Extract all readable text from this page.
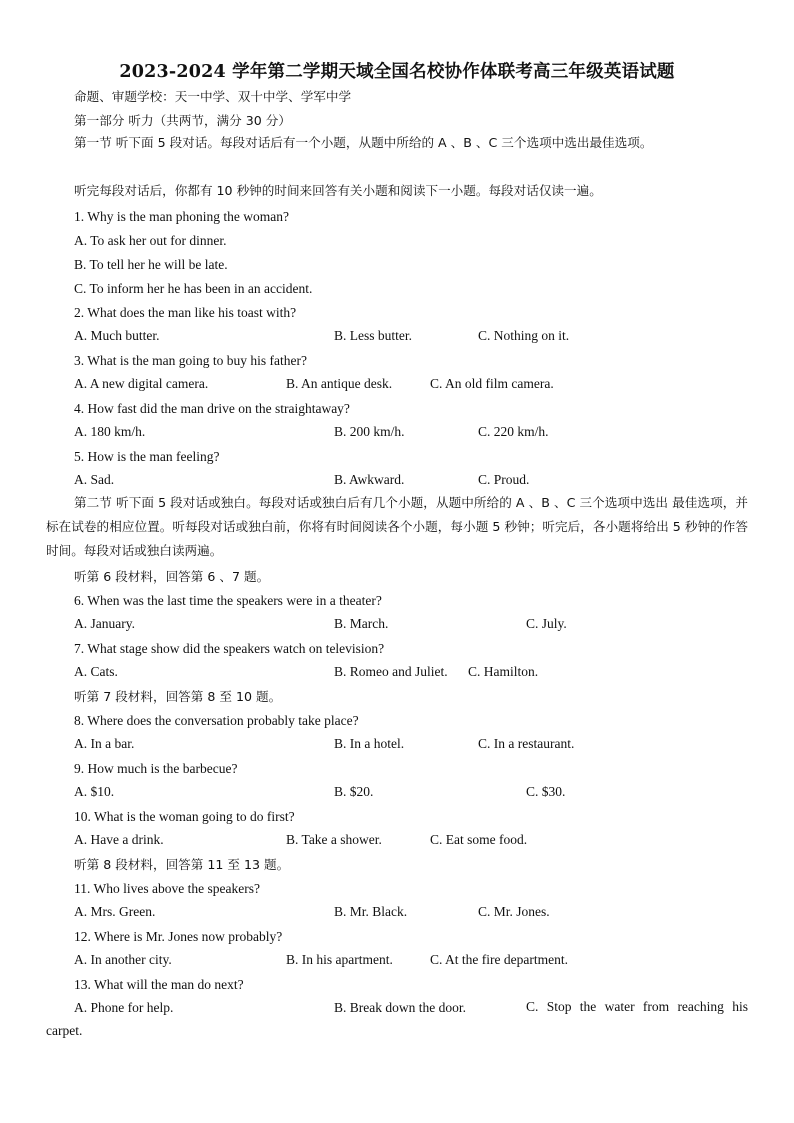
2023-2024 学年第二学期天域全国名校协作体联考高三年级英语试题
命题、审题学校：天一中学、双十中学、学军中学
第一部分 听力（共两节，满分 30 分）
第一节 听下面 5 段对话。每段对话后有一个小题，从题中所给的 A 、B 、C 三个选项中选出最佳选项。
听完每段对话后，你都有 10 秒钟的时间来回答有关小题和阅读下一小题。每段对话仅读一遍。
1. Why is the man phoning the woman?
A. To ask her out for dinner.
B. To tell her he will be late.
C. To inform her he has been in an accident.
2. What does the man like his toast with?
A. Much butter.	B. Less butter.	C. Nothing on it.
3. What is the man going to buy his father?
A. A new digital camera.	B. An antique desk.	C. An old film camera.
4. How fast did the man drive on the straightaway?
A. 180 km/h.	B. 200 km/h.	C. 220 km/h.
5. How is the man feeling?
A. Sad.	B. Awkward.	C. Proud.
第二节 听下面 5 段对话或独白。每段对话或独白后有几个小题，从题中所给的 A 、B 、C 三个选项中选出 最佳选项，并标在试卷的相应位置。听每段对话或独白前，你将有时间阅读各个小题，每小题 5 秒钟；听完后，各小题将给出 5 秒钟的作答时间。每段对话或独白读两遍。
听第 6 段材料，回答第 6 、7 题。
6. When was the last time the speakers were in a theater?
A. January.	B. March.	C. July.
7. What stage show did the speakers watch on television?
A. Cats.	B. Romeo and Juliet. C. Hamilton.
听第 7 段材料，回答第 8 至 10 题。
8. Where does the conversation probably take place?
A. In a bar.	B. In a hotel.	C. In a restaurant.
9. How much is the barbecue?
A. $10.	B. $20.	C. $30.
10. What is the woman going to do first?
A. Have a drink.	B. Take a shower.	C. Eat some food.
听第 8 段材料，回答第 11 至 13 题。
11. Who lives above the speakers?
A. Mrs. Green.	B. Mr. Black.	C. Mr. Jones.
12. Where is Mr. Jones now probably?
A. In another city.	B. In his apartment.	C. At the fire department.
13. What will the man do next?
A. Phone for help.	B. Break down the door.	C. Stop the water from reaching his carpet.
